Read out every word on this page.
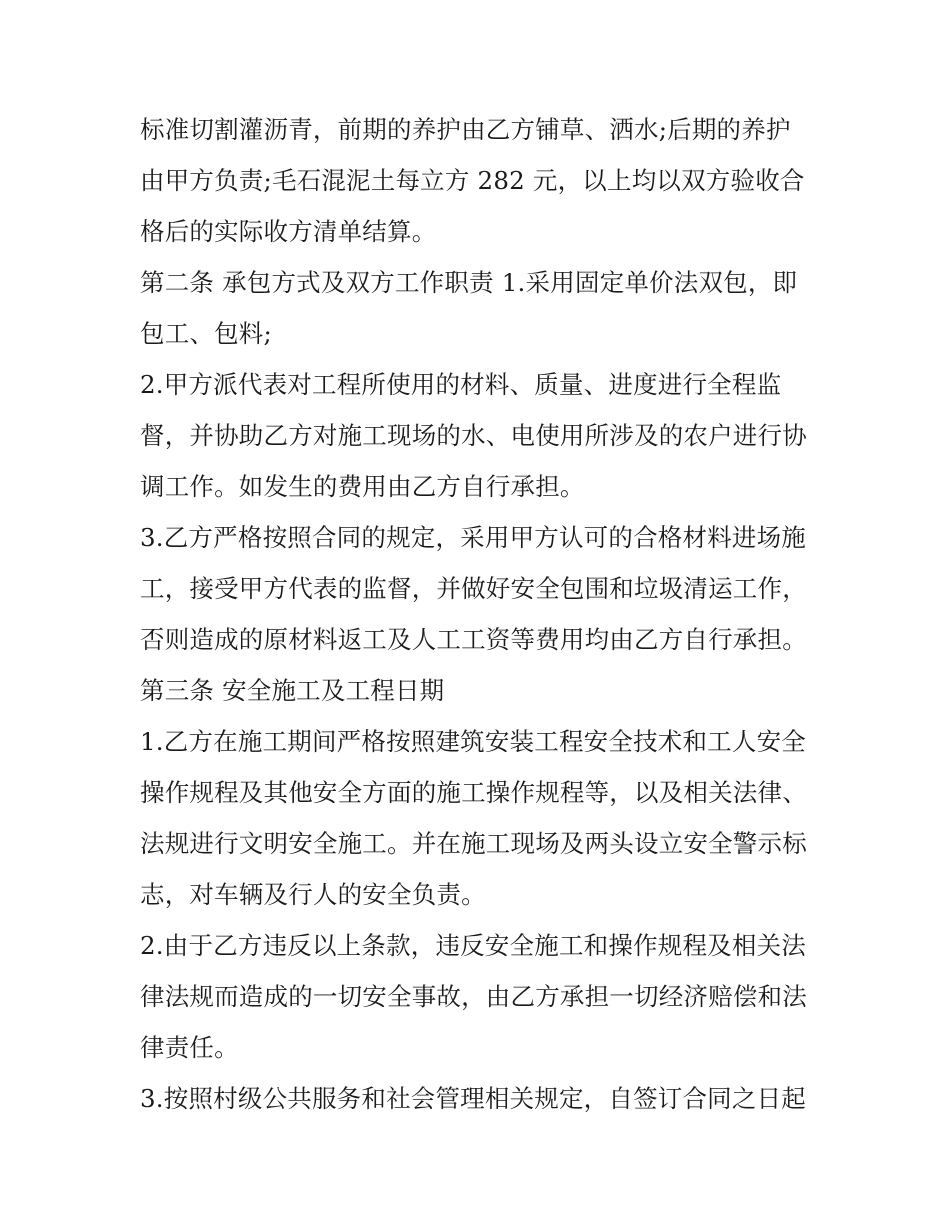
标准切割灌沥青，前期的养护由乙方铺草、洒水;后期的养护
由甲方负责;毛石混泥土每立方 282 元，以上均以双方验收合
格后的实际收方清单结算。
第二条 承包方式及双方工作职责 1.采用固定单价法双包，即
包工、包料;
2.甲方派代表对工程所使用的材料、质量、进度进行全程监
督，并协助乙方对施工现场的水、电使用所涉及的农户进行协
调工作。如发生的费用由乙方自行承担。
3.乙方严格按照合同的规定，采用甲方认可的合格材料进场施
工，接受甲方代表的监督，并做好安全包围和垃圾清运工作，
否则造成的原材料返工及人工工资等费用均由乙方自行承担。
第三条 安全施工及工程日期
1.乙方在施工期间严格按照建筑安装工程安全技术和工人安全
操作规程及其他安全方面的施工操作规程等，以及相关法律、
法规进行文明安全施工。并在施工现场及两头设立安全警示标
志，对车辆及行人的安全负责。
2.由于乙方违反以上条款，违反安全施工和操作规程及相关法
律法规而造成的一切安全事故，由乙方承担一切经济赔偿和法
律责任。
3.按照村级公共服务和社会管理相关规定，自签订合同之日起
